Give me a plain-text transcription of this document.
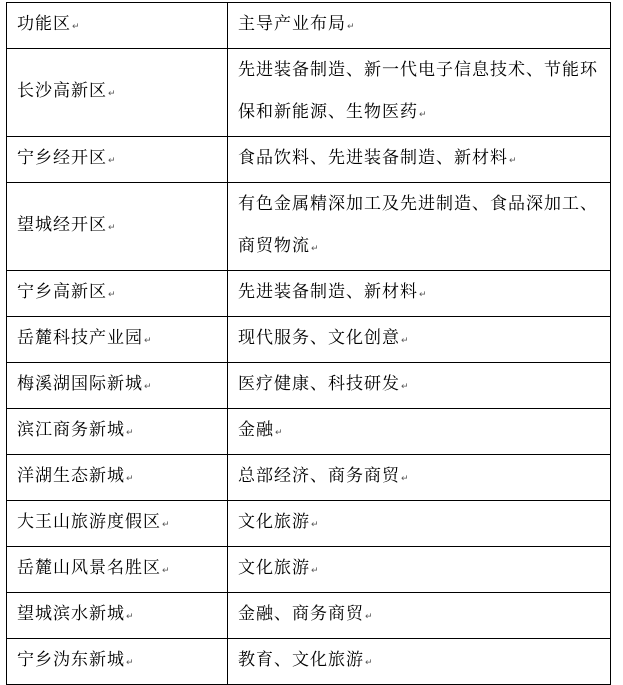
功能区↵	主导产业布局↵
长沙高新区↵	先进装备制造、新一代电子信息技术、节能环保和新能源、生物医药↵
宁乡经开区↵	食品饮料、先进装备制造、新材料↵
望城经开区↵	有色金属精深加工及先进制造、食品深加工、商贸物流↵
宁乡高新区↵	先进装备制造、新材料↵
岳麓科技产业园↵	现代服务、文化创意↵
梅溪湖国际新城↵	医疗健康、科技研发↵
滨江商务新城↵	金融↵
洋湖生态新城↵	总部经济、商务商贸↵
大王山旅游度假区↵	文化旅游↵
岳麓山风景名胜区↵	文化旅游↵
望城滨水新城↵	金融、商务商贸↵
宁乡沩东新城↵	教育、文化旅游↵
